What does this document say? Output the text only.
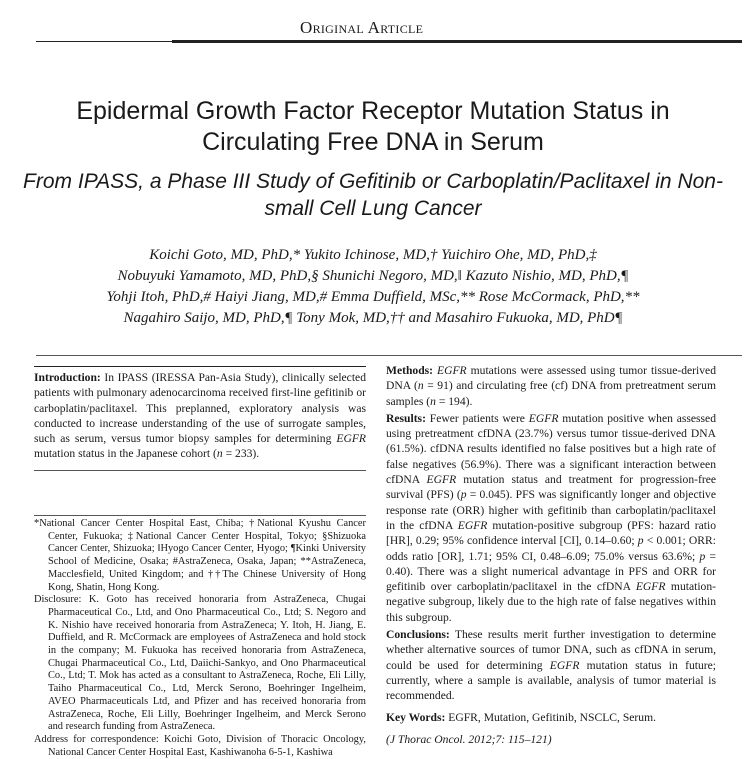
Original Article
Epidermal Growth Factor Receptor Mutation Status in Circulating Free DNA in Serum
From IPASS, a Phase III Study of Gefitinib or Carboplatin/Paclitaxel in Non-small Cell Lung Cancer
Koichi Goto, MD, PhD,* Yukito Ichinose, MD,† Yuichiro Ohe, MD, PhD,‡
Nobuyuki Yamamoto, MD, PhD,§ Shunichi Negoro, MD,‖ Kazuto Nishio, MD, PhD,¶
Yohji Itoh, PhD,# Haiyi Jiang, MD,# Emma Duffield, MSc,** Rose McCormack, PhD,**
Nagahiro Saijo, MD, PhD,¶ Tony Mok, MD,†† and Masahiro Fukuoka, MD, PhD¶
Introduction: In IPASS (IRESSA Pan-Asia Study), clinically selected patients with pulmonary adenocarcinoma received first-line gefitinib or carboplatin/paclitaxel. This preplanned, exploratory analysis was conducted to increase understanding of the use of surrogate samples, such as serum, versus tumor biopsy samples for determining EGFR mutation status in the Japanese cohort (n = 233).

*National Cancer Center Hospital East, Chiba; †National Kyushu Cancer Center, Fukuoka; ‡National Cancer Center Hospital, Tokyo; §Shizuoka Cancer Center, Shizuoka; ‖Hyogo Cancer Center, Hyogo; ¶Kinki University School of Medicine, Osaka; #AstraZeneca, Osaka, Japan; **AstraZeneca, Macclesfield, United Kingdom; and ††The Chinese University of Hong Kong, Shatin, Hong Kong.

Disclosure: K. Goto has received honoraria from AstraZeneca, Chugai Pharmaceutical Co., Ltd, and Ono Pharmaceutical Co., Ltd; S. Negoro and K. Nishio have received honoraria from AstraZeneca; Y. Itoh, H. Jiang, E. Duffield, and R. McCormack are employees of AstraZeneca and hold stock in the company; M. Fukuoka has received honoraria from AstraZeneca, Chugai Pharmaceutical Co., Ltd, Daiichi-Sankyo, and Ono Pharmaceutical Co., Ltd; T. Mok has acted as a consultant to AstraZeneca, Roche, Eli Lilly, Taiho Pharmaceutical Co., Ltd, Merck Serono, Boehringer Ingelheim, AVEO Pharmaceuticals Ltd, and Pfizer and has received honoraria from AstraZeneca, Roche, Eli Lilly, Boehringer Ingelheim, and Merck Serono and research funding from AstraZeneca.

Address for correspondence: Koichi Goto, Division of Thoracic Oncology, National Cancer Center Hospital East, Kashiwanoha 6-5-1, Kashiwa

Methods: EGFR mutations were assessed using tumor tissue-derived DNA (n = 91) and circulating free (cf) DNA from pretreatment serum samples (n = 194).

Results: Fewer patients were EGFR mutation positive when assessed using pretreatment cfDNA (23.7%) versus tumor tissue-derived DNA (61.5%). cfDNA results identified no false positives but a high rate of false negatives (56.9%). There was a significant interaction between cfDNA EGFR mutation status and treatment for progression-free survival (PFS) (p = 0.045). PFS was significantly longer and objective response rate (ORR) higher with gefitinib than carboplatin/paclitaxel in the cfDNA EGFR mutation-positive subgroup (PFS: hazard ratio [HR], 0.29; 95% confidence interval [CI], 0.14–0.60; p < 0.001; ORR: odds ratio [OR], 1.71; 95% CI, 0.48–6.09; 75.0% versus 63.6%; p = 0.40). There was a slight numerical advantage in PFS and ORR for gefitinib over carboplatin/paclitaxel in the cfDNA EGFR mutation-negative subgroup, likely due to the high rate of false negatives within this subgroup.

Conclusions: These results merit further investigation to determine whether alternative sources of tumor DNA, such as cfDNA in serum, could be used for determining EGFR mutation status in future; currently, where a sample is available, analysis of tumor material is recommended.

Key Words: EGFR, Mutation, Gefitinib, NSCLC, Serum.

(J Thorac Oncol. 2012;7: 115–121)
